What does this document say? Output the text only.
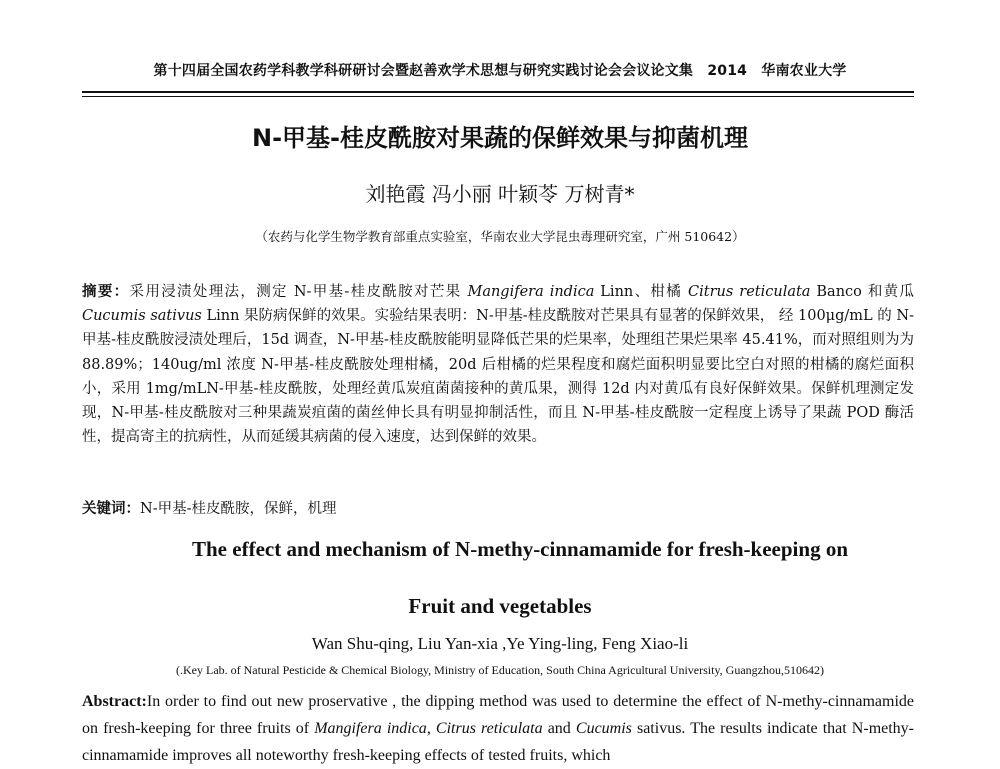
第十四届全国农药学科教学科研研讨会暨赵善欢学术思想与研究实践讨论会会议论文集　2014　华南农业大学
N-甲基-桂皮酰胺对果蔬的保鲜效果与抑菌机理
刘艳霞 冯小丽 叶颖苓 万树青*
（农药与化学生物学教育部重点实验室，华南农业大学昆虫毒理研究室，广州 510642）
摘要：采用浸渍处理法，测定 N-甲基-桂皮酰胺对芒果 Mangifera indica Linn、柑橘 Citrus reticulata Banco 和黄瓜 Cucumis sativus Linn 果防病保鲜的效果。实验结果表明：N-甲基-桂皮酰胺对芒果具有显著的保鲜效果， 经 100μg/mL 的 N-甲基-桂皮酰胺浸渍处理后，15d 调查，N-甲基-桂皮酰胺能明显降低芒果的烂果率，处理组芒果烂果率 45.41%，而对照组则为为 88.89%；140ug/ml 浓度 N-甲基-桂皮酰胺处理柑橘，20d 后柑橘的烂果程度和腐烂面积明显要比空白对照的柑橘的腐烂面积小，采用 1mg/mLN-甲基-桂皮酰胺，处理经黄瓜炭疽菌菌接种的黄瓜果，测得 12d 内对黄瓜有良好保鲜效果。保鲜机理测定发现，N-甲基-桂皮酰胺对三种果蔬炭疽菌的菌丝伸长具有明显抑制活性，而且 N-甲基-桂皮酰胺一定程度上诱导了果蔬 POD 酶活性，提高寄主的抗病性，从而延缓其病菌的侵入速度，达到保鲜的效果。
关键词：N-甲基-桂皮酰胺，保鲜，机理
The effect and mechanism of N-methy-cinnamamide for fresh-keeping on
Fruit and vegetables
Wan Shu-qing, Liu Yan-xia ,Ye Ying-ling, Feng Xiao-li
(.Key Lab. of Natural Pesticide & Chemical Biology, Ministry of Education, South China Agricultural University, Guangzhou,510642)
Abstract:In order to find out new proservative , the dipping method was used to determine the effect of N-methy-cinnamamide on fresh-keeping for three fruits of Mangifera indica, Citrus reticulata and Cucumis sativus. The results indicate that N-methy-cinnamamide improves all noteworthy fresh-keeping effects of tested fruits, which
